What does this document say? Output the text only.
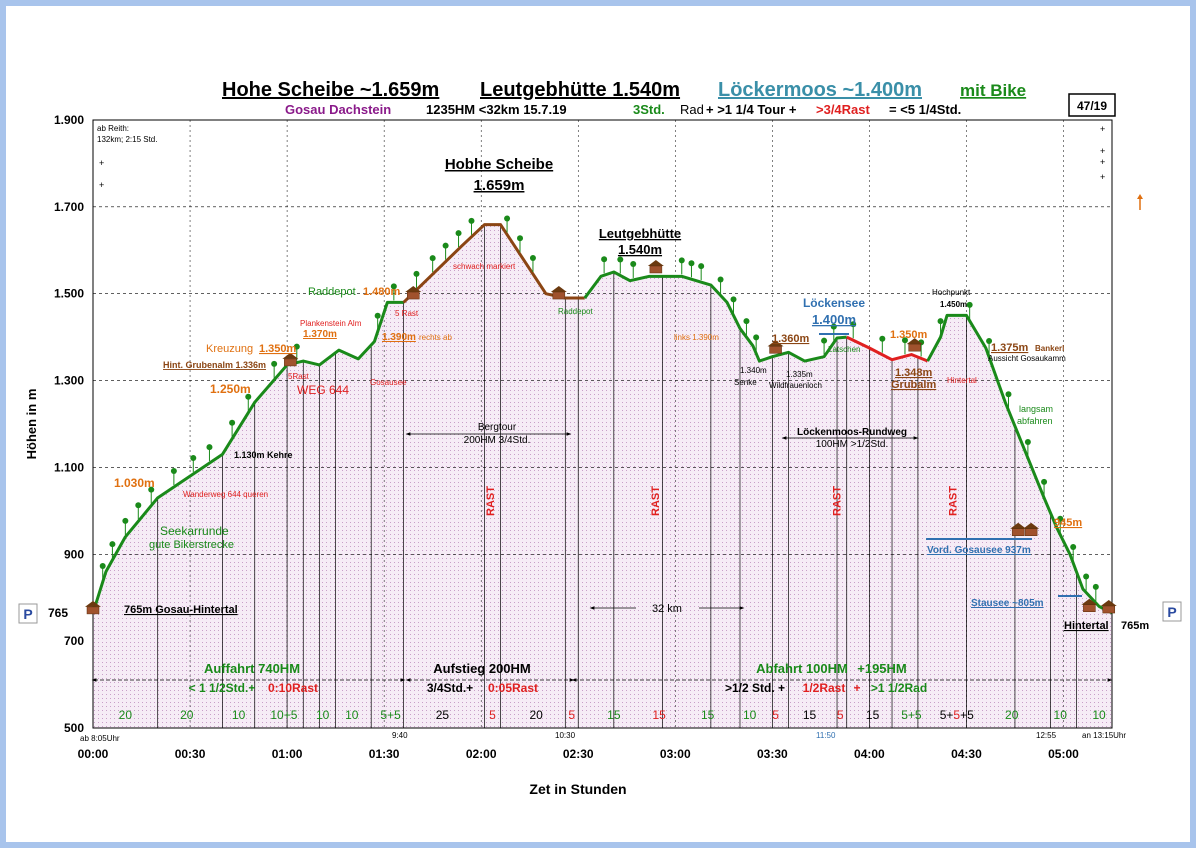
Hohe Scheibe ~1.659m Leutgebhütte 1.540m Löckermoos ~1.400m mit Bike
Gosau Dachstein	1235HM <32km 15.7.19	3Std. Rad + >1 1/4 Tour + >3/4Rast = <5 1/4Std.	47/19
500
700
765
900
1.100
1.300
1.500
1.700
1.900
00:00	00:30	01:00	01:30	02:00	02:30	03:00	03:30	04:00	04:30	05:00
20	20	10 10+5 10 10 5+5	25	5	20 5	15	15	15 10 5 15 5 15 5+5 5+5+5	20	10 10
RAST	RAST	RAST	RAST
Höhen in m
Zet in Stunden
P	P
ab Reith:
132km; 2:15 Std.
+
+
+
+
+
+
Hobhe Scheibe
1.659m
Leutgebhütte
1.540m
Löckensee
1.400m
Raddepot 1.480m
Raddepot
schwach markiert
Kreuzung 1.350m
Hint. Grubenalm 1.336m
Plankenstein Alm
1.370m	1.390m rechts ab
5 Rast
5Rast
WEG 644
Gosausee
1.250m
1.130m Kehre
1.030m
Wanderweg 644 queren
Seekarrunde
gute Bikerstrecke
765m Gosau-Hintertal
links 1.390m	1.360m
1.340m
Senke
1.335m
Wildfrauenloch
Latschen
1.350m
1.348m
Grubalm
Hochpunkt
1.450m
1.375m Bankerl
Aussicht Gosaukamm
Hintertal
langsam
abfahren
945m
Vord. Gosausee 937m
Stausee ~805m
Hintertal 765m
Bergtour
200HM 3/4Std.
32 km
Löckenmoos-Rundweg
100HM >1/2Std.
Auffahrt 740HM
< 1 1/2Std.+ 0:10Rast
Aufstieg 200HM
3/4Std.+ 0:05Rast
Abfahrt 100HM +195HM
>1/2 Std. + 1/2Rast + >1 1/2Rad
ab 8:05Uhr	9:40	10:30	11:50	12:55	an 13:15Uhr
